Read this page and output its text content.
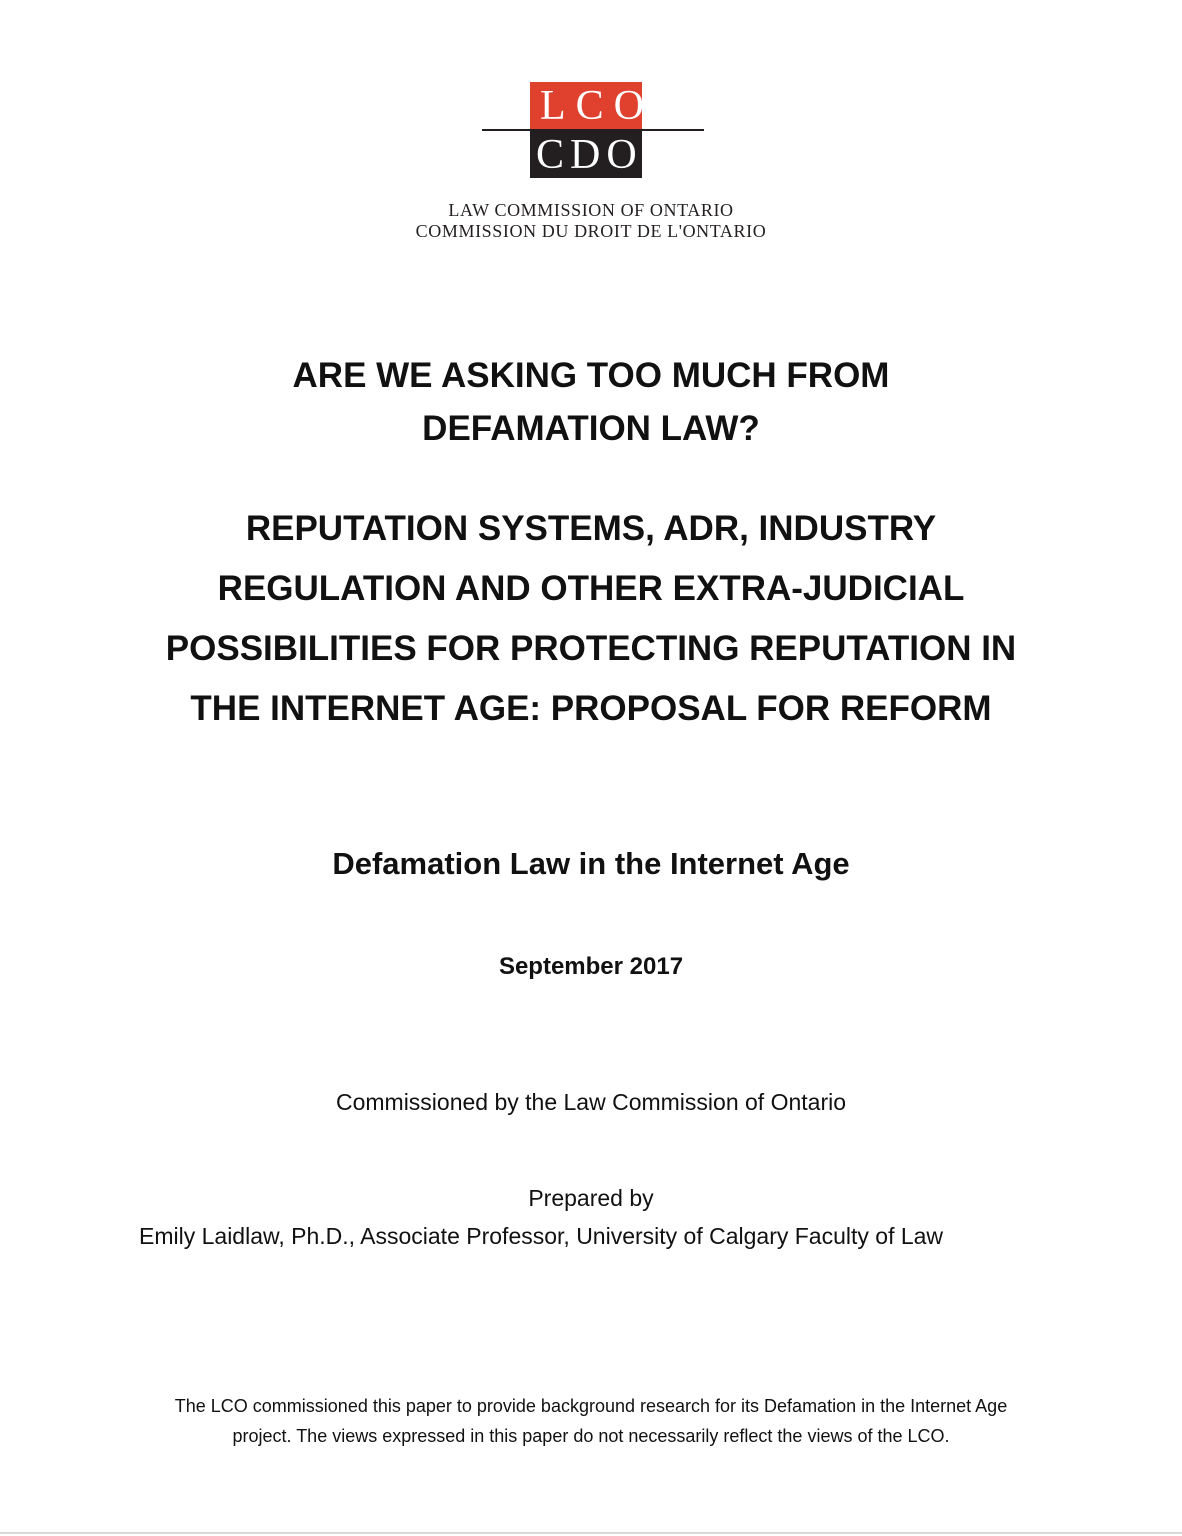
LCO
CDO
LAW COMMISSION OF ONTARIO
COMMISSION DU DROIT DE L'ONTARIO
ARE WE ASKING TOO MUCH FROM
DEFAMATION LAW?
REPUTATION SYSTEMS, ADR, INDUSTRY
REGULATION AND OTHER EXTRA-JUDICIAL
POSSIBILITIES FOR PROTECTING REPUTATION IN
THE INTERNET AGE: PROPOSAL FOR REFORM
Defamation Law in the Internet Age
September 2017
Commissioned by the Law Commission of Ontario
Prepared by
Emily Laidlaw, Ph.D., Associate Professor, University of Calgary Faculty of Law
The LCO commissioned this paper to provide background research for its Defamation in the Internet Age
project. The views expressed in this paper do not necessarily reflect the views of the LCO.
